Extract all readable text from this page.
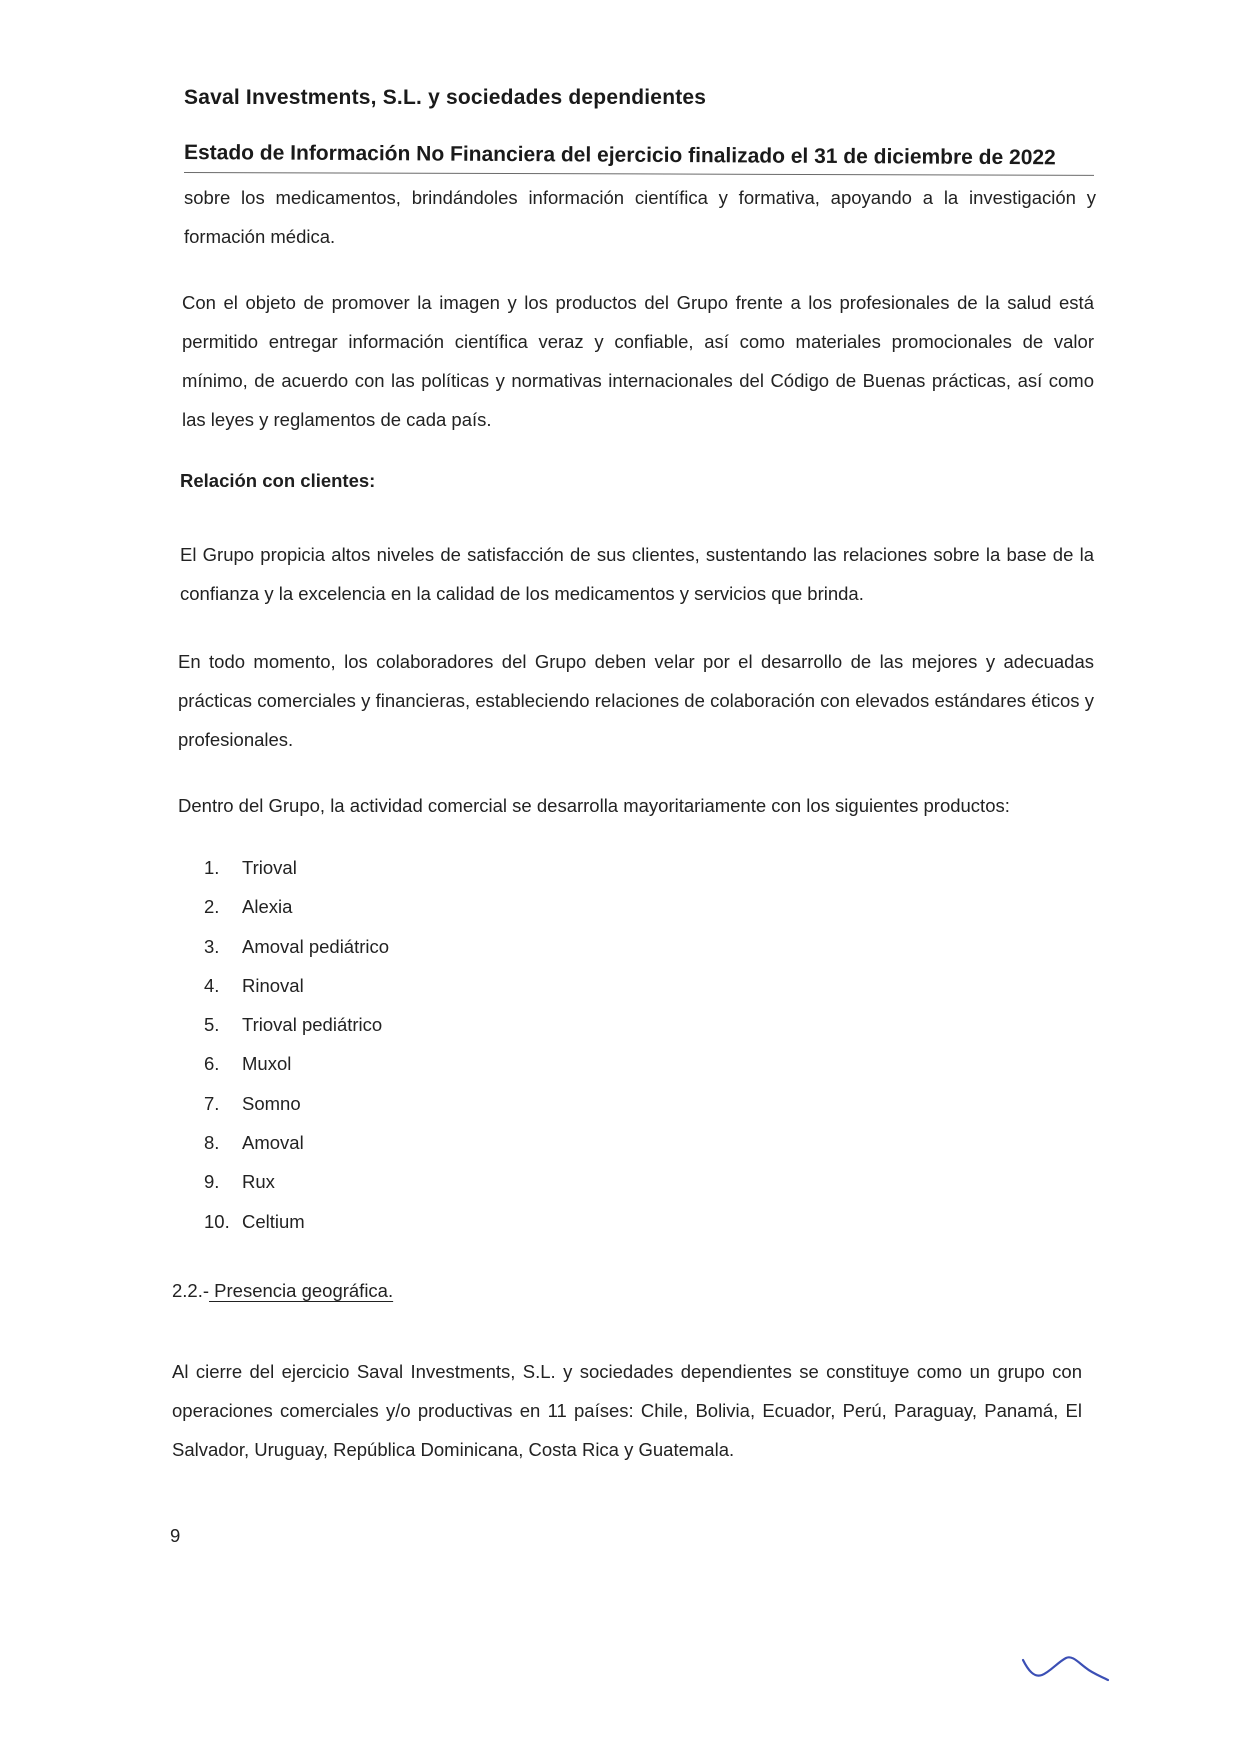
Saval Investments, S.L. y sociedades dependientes
Estado de Información No Financiera del ejercicio finalizado el 31 de diciembre de 2022

sobre los medicamentos, brindándoles información científica y formativa, apoyando a la investigación y formación médica.

Con el objeto de promover la imagen y los productos del Grupo frente a los profesionales de la salud está permitido entregar información científica veraz y confiable, así como materiales promocionales de valor mínimo, de acuerdo con las políticas y normativas internacionales del Código de Buenas prácticas, así como las leyes y reglamentos de cada país.

Relación con clientes:

El Grupo propicia altos niveles de satisfacción de sus clientes, sustentando las relaciones sobre la base de la confianza y la excelencia en la calidad de los medicamentos y servicios que brinda.

En todo momento, los colaboradores del Grupo deben velar por el desarrollo de las mejores y adecuadas prácticas comerciales y financieras, estableciendo relaciones de colaboración con elevados estándares éticos y profesionales.

Dentro del Grupo, la actividad comercial se desarrolla mayoritariamente con los siguientes productos:

1.	Trioval
2.	Alexia
3.	Amoval pediátrico
4.	Rinoval
5.	Trioval pediátrico
6.	Muxol
7.	Somno
8.	Amoval
9.	Rux
10. Celtium
2.2.- Presencia geográfica.

Al cierre del ejercicio Saval Investments, S.L. y sociedades dependientes se constituye como un grupo con operaciones comerciales y/o productivas en 11 países: Chile, Bolivia, Ecuador, Perú, Paraguay, Panamá, El Salvador, Uruguay, República Dominicana, Costa Rica y Guatemala.

9
